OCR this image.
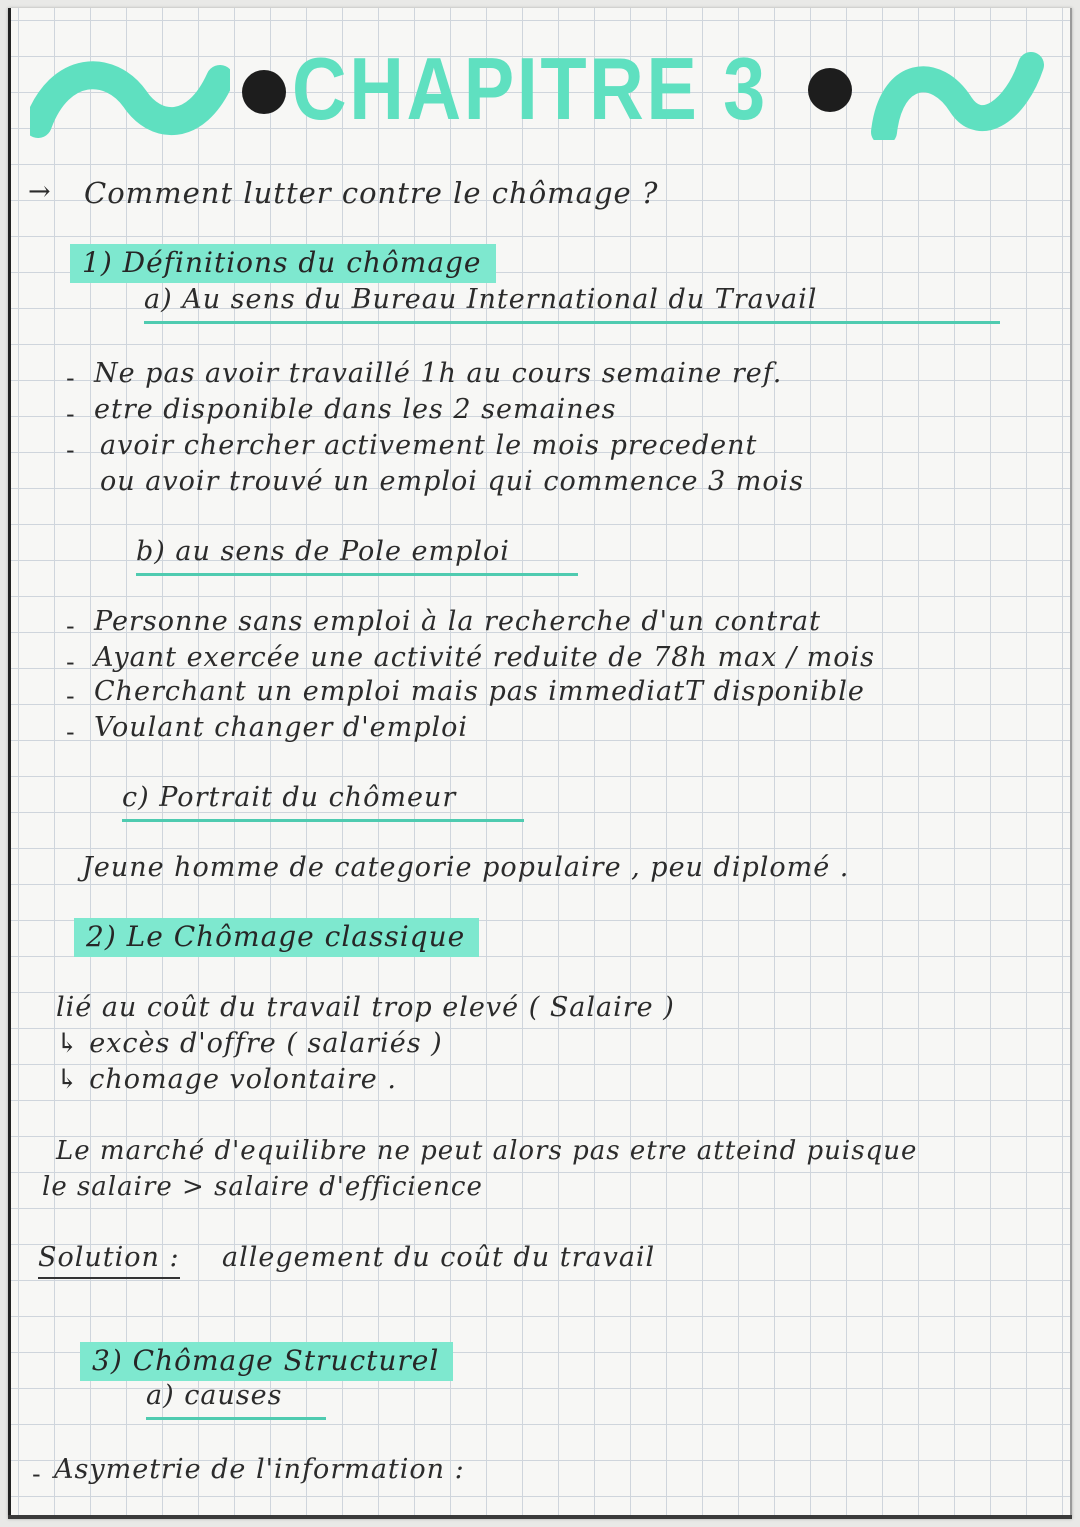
CHAPITRE 3
→ Comment lutter contre le chômage ?
1) Définitions du chômage
a) Au sens du Bureau International du Travail
- Ne pas avoir travaillé 1h au cours semaine ref.
- etre disponible dans les 2 semaines
- avoir chercher activement le mois precedent
ou avoir trouvé un emploi qui commence 3 mois
b) au sens de Pole emploi
- Personne sans emploi à la recherche d'un contrat
- Ayant exercée une activité reduite de 78h max / mois
- Cherchant un emploi mais pas immediatT disponible
- Voulant changer d'emploi
c) Portrait du chômeur
Jeune homme de categorie populaire , peu diplomé .
2) Le Chômage classique
lié au coût du travail trop elevé ( Salaire )
↳ excès d'offre ( salariés )
↳ chomage volontaire .
Le marché d'equilibre ne peut alors pas etre atteind puisque
le salaire > salaire d'efficience
Solution : allegement du coût du travail
3) Chômage Structurel
a) causes
- Asymetrie de l'information :
